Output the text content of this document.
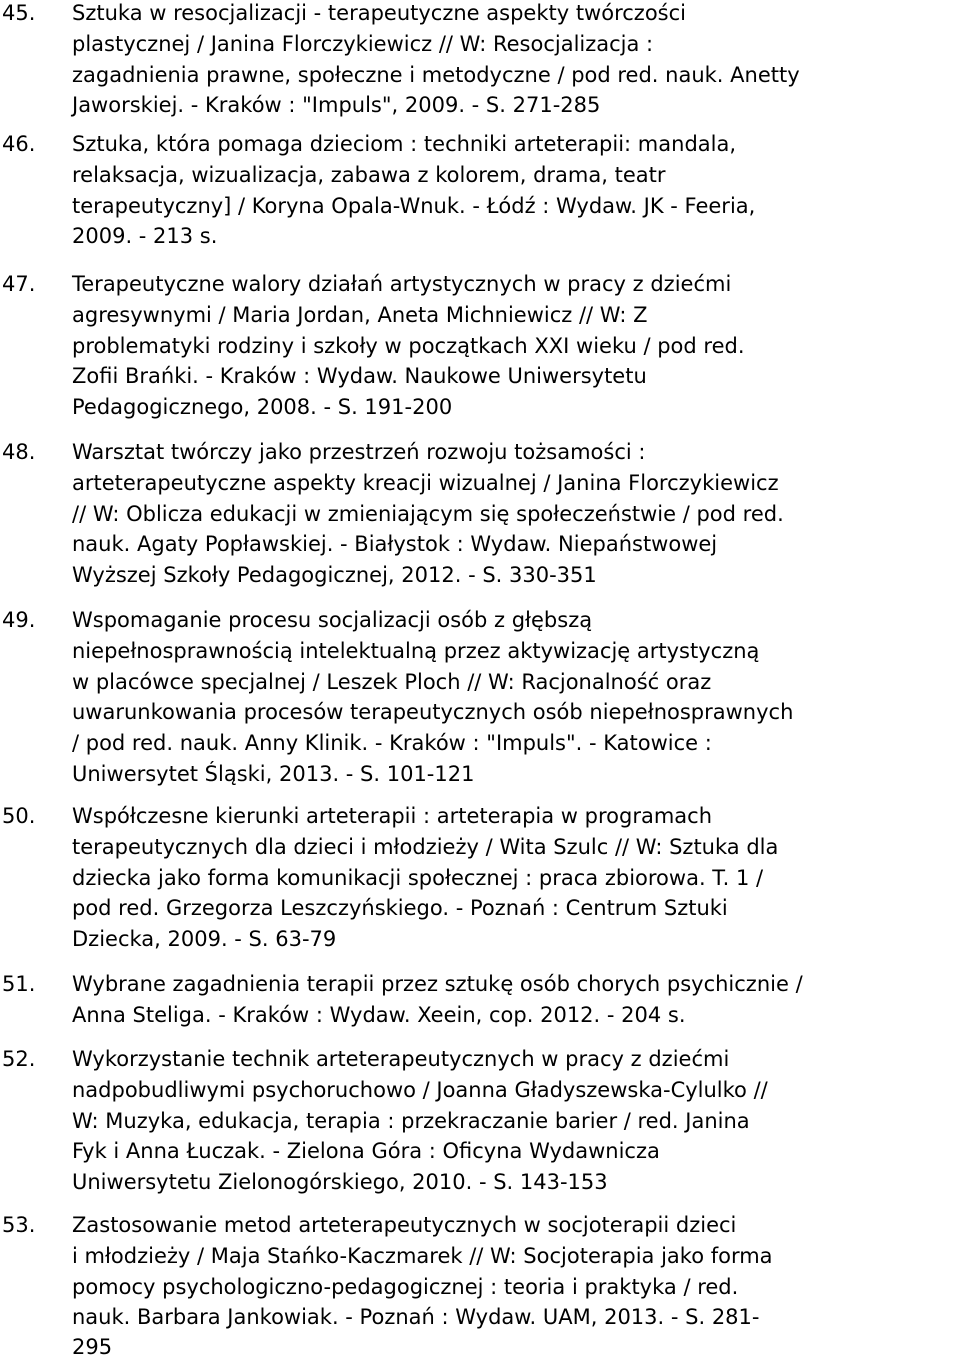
45. Sztuka w resocjalizacji - terapeutyczne aspekty twórczości
plastycznej / Janina Florczykiewicz // W: Resocjalizacja :
zagadnienia prawne, społeczne i metodyczne / pod red. nauk. Anetty
Jaworskiej. - Kraków : "Impuls", 2009. - S. 271-285
46. Sztuka, która pomaga dzieciom : techniki arteterapii: mandala,
relaksacja, wizualizacja, zabawa z kolorem, drama, teatr
terapeutyczny] / Koryna Opala-Wnuk. - Łódź : Wydaw. JK - Feeria,
2009. - 213 s.
47. Terapeutyczne walory działań artystycznych w pracy z dziećmi
agresywnymi / Maria Jordan, Aneta Michniewicz // W: Z
problematyki rodziny i szkoły w początkach XXI wieku / pod red.
Zofii Brańki. - Kraków : Wydaw. Naukowe Uniwersytetu
Pedagogicznego, 2008. - S. 191-200
48. Warsztat twórczy jako przestrzeń rozwoju tożsamości :
arteterapeutyczne aspekty kreacji wizualnej / Janina Florczykiewicz
// W: Oblicza edukacji w zmieniającym się społeczeństwie / pod red.
nauk. Agaty Popławskiej. - Białystok : Wydaw. Niepaństwowej
Wyższej Szkoły Pedagogicznej, 2012. - S. 330-351
49. Wspomaganie procesu socjalizacji osób z głębszą
niepełnosprawnością intelektualną przez aktywizację artystyczną
w placówce specjalnej / Leszek Ploch // W: Racjonalność oraz
uwarunkowania procesów terapeutycznych osób niepełnosprawnych
/ pod red. nauk. Anny Klinik. - Kraków : "Impuls". - Katowice :
Uniwersytet Śląski, 2013. - S. 101-121
50. Współczesne kierunki arteterapii : arteterapia w programach
terapeutycznych dla dzieci i młodzieży / Wita Szulc // W: Sztuka dla
dziecka jako forma komunikacji społecznej : praca zbiorowa. T. 1 /
pod red. Grzegorza Leszczyńskiego. - Poznań : Centrum Sztuki
Dziecka, 2009. - S. 63-79
51. Wybrane zagadnienia terapii przez sztukę osób chorych psychicznie /
Anna Steliga. - Kraków : Wydaw. Xeein, cop. 2012. - 204 s.
52. Wykorzystanie technik arteterapeutycznych w pracy z dziećmi
nadpobudliwymi psychoruchowo / Joanna Gładyszewska-Cylulko //
W: Muzyka, edukacja, terapia : przekraczanie barier / red. Janina
Fyk i Anna Łuczak. - Zielona Góra : Oficyna Wydawnicza
Uniwersytetu Zielonogórskiego, 2010. - S. 143-153
53. Zastosowanie metod arteterapeutycznych w socjoterapii dzieci
i młodzieży / Maja Stańko-Kaczmarek // W: Socjoterapia jako forma
pomocy psychologiczno-pedagogicznej : teoria i praktyka / red.
nauk. Barbara Jankowiak. - Poznań : Wydaw. UAM, 2013. - S. 281-
295
